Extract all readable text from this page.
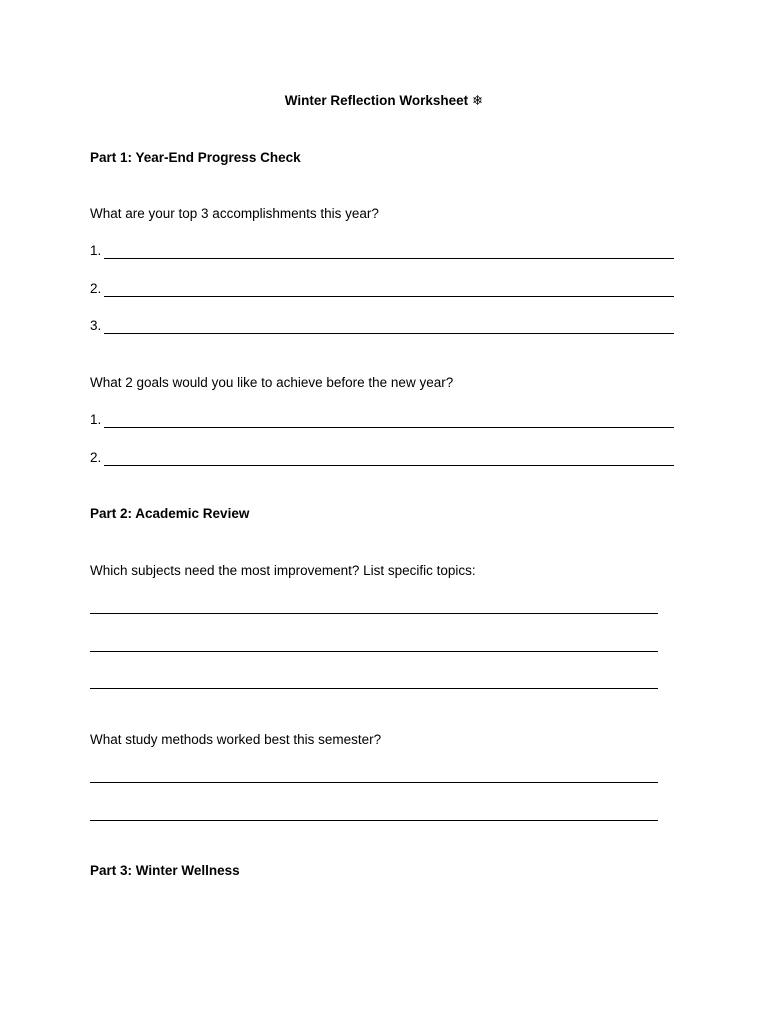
Winter Reflection Worksheet ❄
Part 1: Year-End Progress Check
What are your top 3 accomplishments this year?
1.
2.
3.
What 2 goals would you like to achieve before the new year?
1.
2.
Part 2: Academic Review
Which subjects need the most improvement? List specific topics:
What study methods worked best this semester?
Part 3: Winter Wellness
